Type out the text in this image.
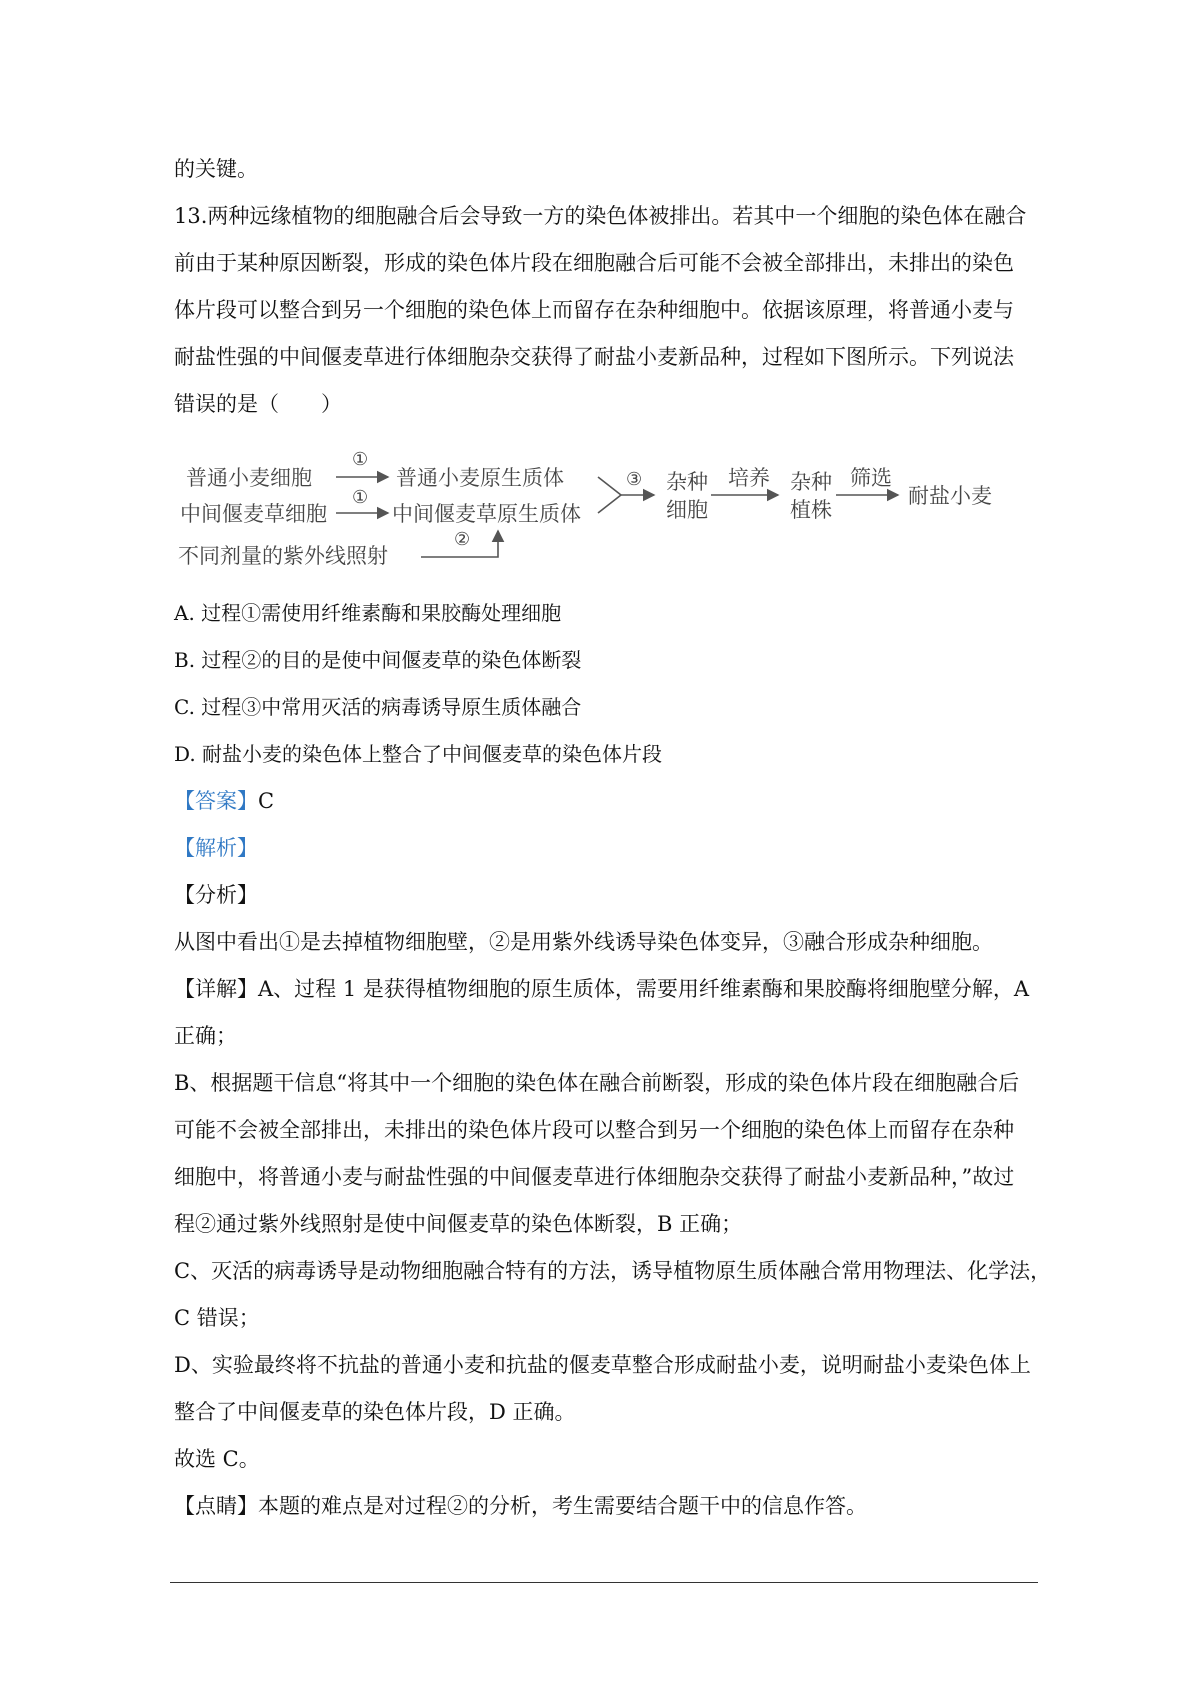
的关键。
13.两种远缘植物的细胞融合后会导致一方的染色体被排出。若其中一个细胞的染色体在融合
前由于某种原因断裂，形成的染色体片段在细胞融合后可能不会被全部排出，未排出的染色
体片段可以整合到另一个细胞的染色体上而留存在杂种细胞中。依据该原理，将普通小麦与
耐盐性强的中间偃麦草进行体细胞杂交获得了耐盐小麦新品种，过程如下图所示。下列说法
错误的是（　　）
普通小麦细胞
中间偃麦草细胞
不同剂量的紫外线照射
①
①
②
③
普通小麦原生质体
中间偃麦草原生质体
杂种
细胞
培养 杂种
植株
筛选
耐盐小麦
A. 过程①需使用纤维素酶和果胶酶处理细胞
B. 过程②的目的是使中间偃麦草的染色体断裂
C. 过程③中常用灭活的病毒诱导原生质体融合
D. 耐盐小麦的染色体上整合了中间偃麦草的染色体片段
【答案】C
【解析】
【分析】
从图中看出①是去掉植物细胞壁，②是用紫外线诱导染色体变异，③融合形成杂种细胞。
【详解】A、过程 1 是获得植物细胞的原生质体，需要用纤维素酶和果胶酶将细胞壁分解，A
正确；
B、根据题干信息“将其中一个细胞的染色体在融合前断裂，形成的染色体片段在细胞融合后
可能不会被全部排出，未排出的染色体片段可以整合到另一个细胞的染色体上而留存在杂种
细胞中，将普通小麦与耐盐性强的中间偃麦草进行体细胞杂交获得了耐盐小麦新品种，”故过
程②通过紫外线照射是使中间偃麦草的染色体断裂，B 正确；
C、灭活的病毒诱导是动物细胞融合特有的方法，诱导植物原生质体融合常用物理法、化学法，
C 错误；
D、实验最终将不抗盐的普通小麦和抗盐的偃麦草整合形成耐盐小麦，说明耐盐小麦染色体上
整合了中间偃麦草的染色体片段，D 正确。
故选 C。
【点睛】本题的难点是对过程②的分析，考生需要结合题干中的信息作答。
